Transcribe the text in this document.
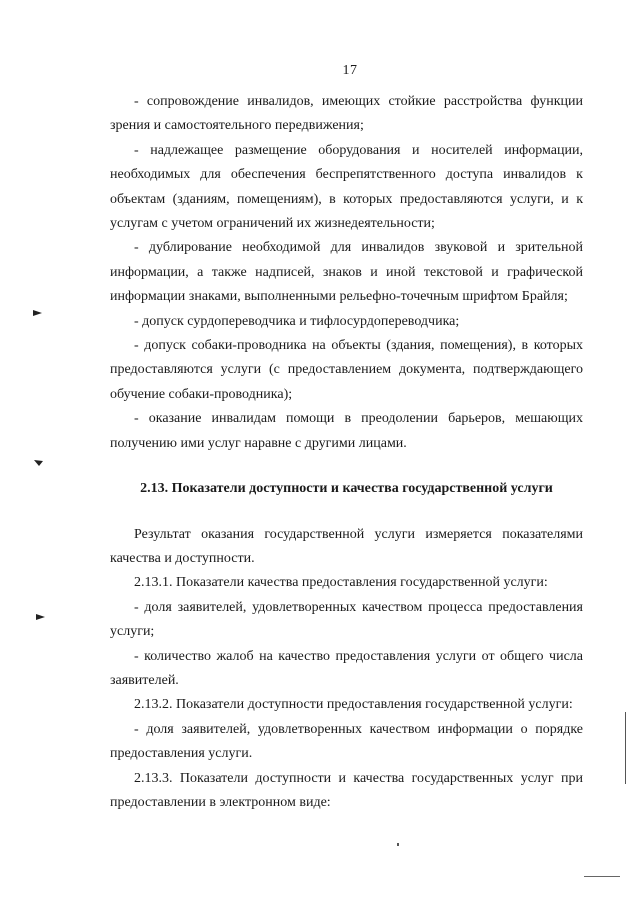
17

- сопровождение инвалидов, имеющих стойкие расстройства функции зрения и самостоятельного передвижения;

- надлежащее размещение оборудования и носителей информации, необходимых для обеспечения беспрепятственного доступа инвалидов к объектам (зданиям, помещениям), в которых предоставляются услуги, и к услугам с учетом ограничений их жизнедеятельности;

- дублирование необходимой для инвалидов звуковой и зрительной информации, а также надписей, знаков и иной текстовой и графической информации знаками, выполненными рельефно-точечным шрифтом Брайля;

- допуск сурдопереводчика и тифлосурдопереводчика;

- допуск собаки-проводника на объекты (здания, помещения), в которых предоставляются услуги (с предоставлением документа, подтверждающего обучение собаки-проводника);

- оказание инвалидам помощи в преодолении барьеров, мешающих получению ими услуг наравне с другими лицами.

2.13. Показатели доступности и качества государственной услуги

Результат оказания государственной услуги измеряется показателями качества и доступности.

2.13.1. Показатели качества предоставления государственной услуги:

- доля заявителей, удовлетворенных качеством процесса предоставления услуги;

- количество жалоб на качество предоставления услуги от общего числа заявителей.

2.13.2. Показатели доступности предоставления государственной услуги:

- доля заявителей, удовлетворенных качеством информации о порядке предоставления услуги.

2.13.3. Показатели доступности и качества государственных услуг при предоставлении в электронном виде:
